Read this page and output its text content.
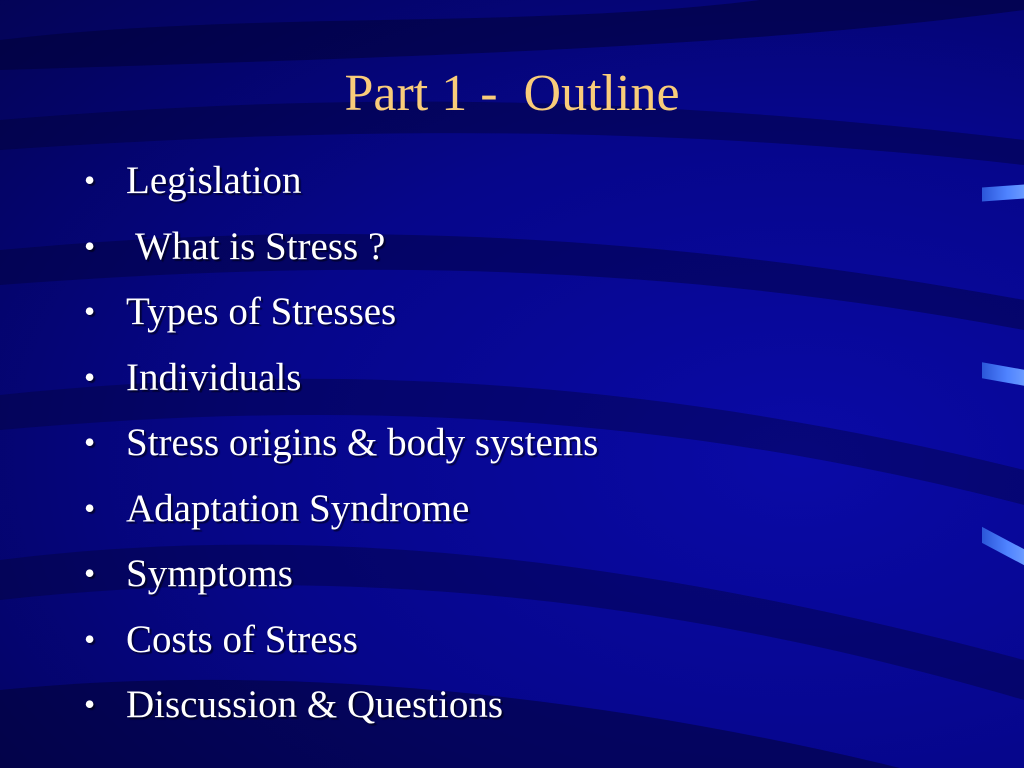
Part 1 -  Outline

•

Legislation

•

What is Stress ?

•

Types of Stresses

•

Individuals

•

Stress origins & body systems

•

Adaptation Syndrome

•

Symptoms

•

Costs of Stress

•

Discussion & Questions
